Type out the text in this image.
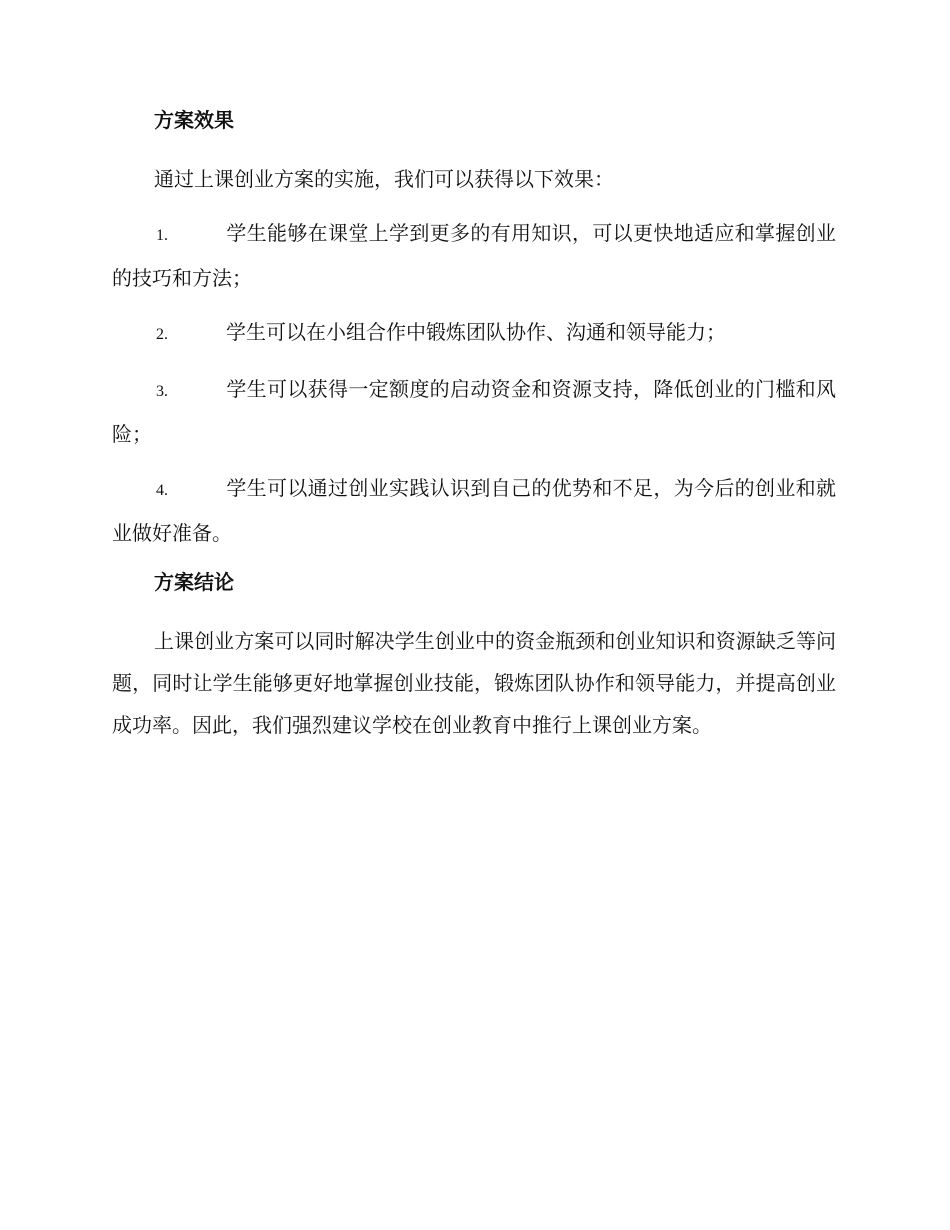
方案效果

通过上课创业方案的实施，我们可以获得以下效果：

1.	学生能够在课堂上学到更多的有用知识，可以更快地适应和掌握创业的技巧和方法；
2.	学生可以在小组合作中锻炼团队协作、沟通和领导能力；
3.	学生可以获得一定额度的启动资金和资源支持，降低创业的门槛和风险；
4.	学生可以通过创业实践认识到自己的优势和不足，为今后的创业和就业做好准备。
方案结论

上课创业方案可以同时解决学生创业中的资金瓶颈和创业知识和资源缺乏等问题，同时让学生能够更好地掌握创业技能，锻炼团队协作和领导能力，并提高创业成功率。因此，我们强烈建议学校在创业教育中推行上课创业方案。
